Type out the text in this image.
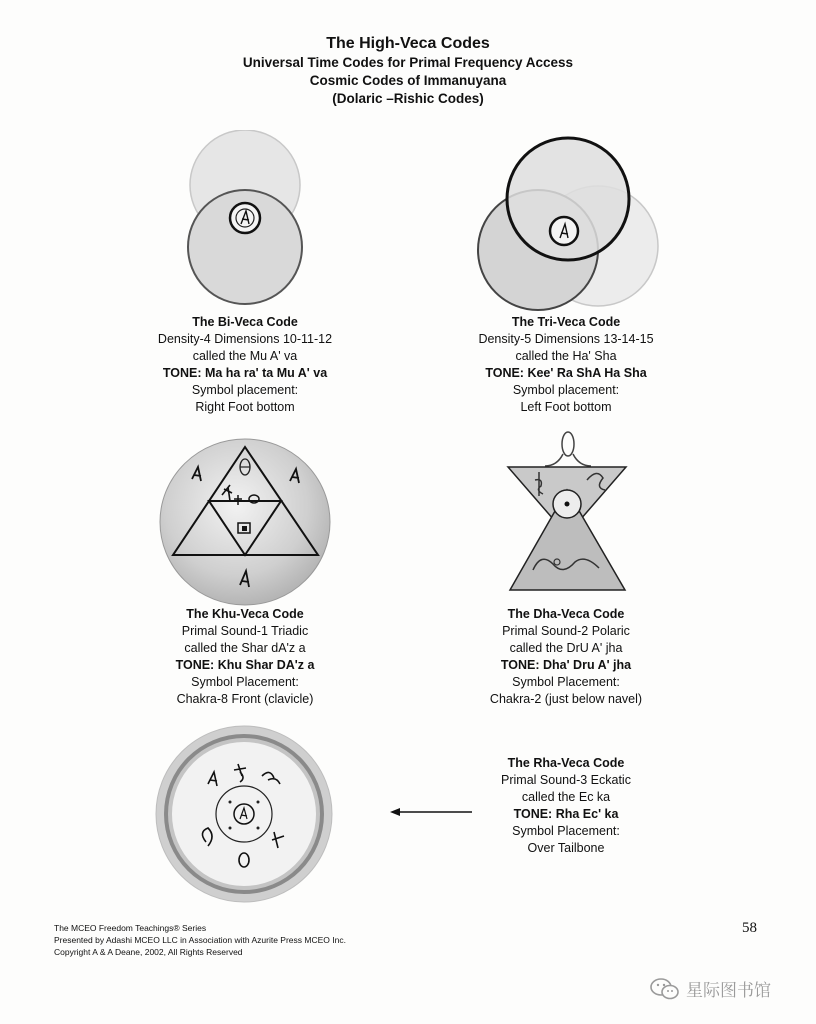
The High-Veca Codes
Universal Time Codes for Primal Frequency Access
Cosmic Codes of Immanuyana
(Dolaric –Rishic Codes)
The Bi-Veca Code
Density-4 Dimensions 10-11-12
called the Mu A' va
TONE: Ma ha ra' ta Mu A' va
Symbol placement:
Right Foot bottom
The Tri-Veca Code
Density-5 Dimensions 13-14-15
called the Ha' Sha
TONE: Kee' Ra ShA Ha Sha
Symbol placement:
Left Foot bottom
The Khu-Veca Code
Primal Sound-1 Triadic
called the Shar dA'z a
TONE: Khu Shar DA'z a
Symbol Placement:
Chakra-8 Front (clavicle)
The Dha-Veca Code
Primal Sound-2 Polaric
called the DrU A' jha
TONE: Dha' Dru A' jha
Symbol Placement:
Chakra-2 (just below navel)
The Rha-Veca Code
Primal Sound-3 Eckatic
called the Ec ka
TONE: Rha Ec' ka
Symbol Placement:
Over Tailbone
The MCEO Freedom Teachings® Series
Presented by Adashi MCEO LLC in Association with Azurite Press MCEO Inc.
Copyright A & A Deane, 2002, All Rights Reserved
58
星际图书馆
